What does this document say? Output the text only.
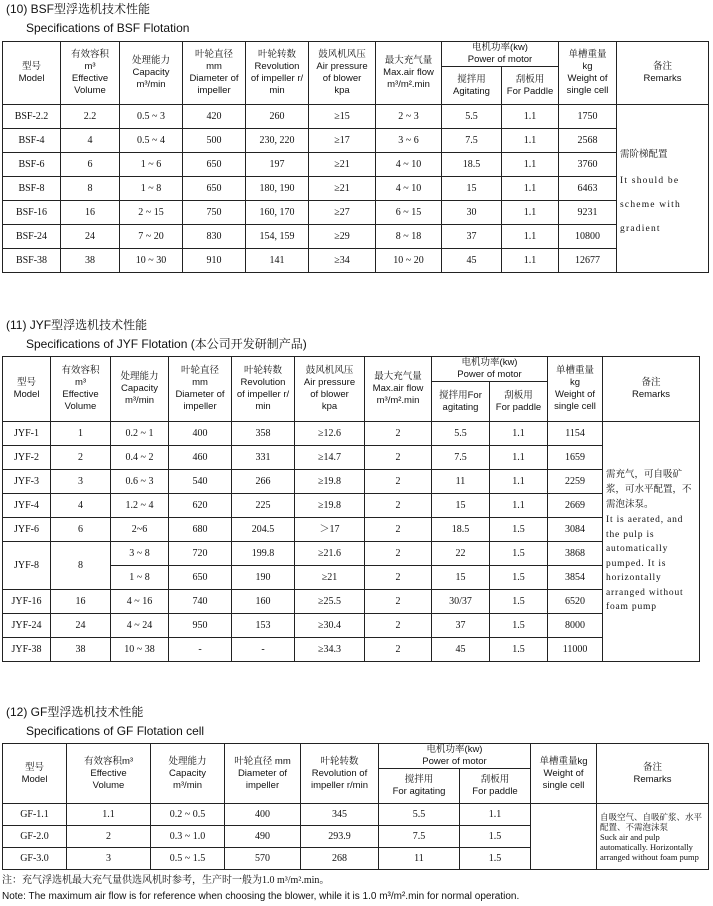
(10) BSF型浮选机技术性能
Specifications of BSF Flotation
型号
Model	有效容积
m³
Effective
Volume	处理能力
Capacity
m³/min	叶轮直径
mm
Diameter of
impeller	叶轮转数
Revolution
of impeller r/
min	鼓风机风压
Air pressure
of blower
kpa	最大充气量
Max.air flow
m³/m².min	电机功率(kw)
Power of motor		单槽重量
kg
Weight of
single cell	备注
Remarks

							搅拌用
Agitating	刮板用
For Paddle		

BSF-2.2	2.2	0.5 ~ 3	420	260	≥15	2 ~ 3	5.5	1.1	1750	需阶梯配置
It should be scheme with gradient

BSF-4	4	0.5 ~ 4	500	230, 220	≥17	3 ~ 6	7.5	1.1	2568	
BSF-6	6	1 ~ 6	650	197	≥21	4 ~ 10	18.5	1.1	3760	
BSF-8	8	1 ~ 8	650	180, 190	≥21	4 ~ 10	15	1.1	6463	
BSF-16	16	2 ~ 15	750	160, 170	≥27	6 ~ 15	30	1.1	9231	
BSF-24	24	7 ~ 20	830	154, 159	≥29	8 ~ 18	37	1.1	10800	
BSF-38	38	10 ~ 30	910	141	≥34	10 ~ 20	45	1.1	12677	
(11) JYF型浮选机技术性能
Specifications of JYF Flotation (本公司开发研制产品)
型号
Model	有效容积
m³
Effective
Volume	处理能力
Capacity
m³/min	叶轮直径
mm
Diameter of
impeller	叶轮转数
Revolution
of impeller r/
min	鼓风机风压
Air pressure
of blower
kpa	最大充气量
Max.air flow
m³/m².min	电机功率(kw)
Power of motor		单槽重量
kg
Weight of
single cell	备注
Remarks

							搅拌用For
agitating	刮板用
For paddle		

JYF-1	1	0.2 ~ 1	400	358	≥12.6	2	5.5	1.1	1154	需充气，可自吸矿浆，可水平配置，不需泡沫泵。
It is aerated, and the pulp is automatically pumped. It is horizontally arranged without foam pump

JYF-2	2	0.4 ~ 2	460	331	≥14.7	2	7.5	1.1	1659	
JYF-3	3	0.6 ~ 3	540	266	≥19.8	2	11	1.1	2259	
JYF-4	4	1.2 ~ 4	620	225	≥19.8	2	15	1.1	2669	
JYF-6	6	2~6	680	204.5	＞17	2	18.5	1.5	3084	
JYF-8	8	3 ~ 8	720	199.8	≥21.6	2	22	1.5	3868	
		1 ~ 8	650	190	≥21	2	15	1.5	3854	
JYF-16	16	4 ~ 16	740	160	≥25.5	2	30/37	1.5	6520	
JYF-24	24	4 ~ 24	950	153	≥30.4	2	37	1.5	8000	
JYF-38	38	10 ~ 38	-	-	≥34.3	2	45	1.5	11000	
(12) GF型浮选机技术性能
Specifications of GF Flotation cell
型号
Model	有效容积m³
Effective
Volume	处理能力
Capacity
m³/min	叶轮直径 mm
Diameter of
impeller	叶轮转数
Revolution of
impeller r/min	电机功率(kw)
Power of motor		单槽重量kg
Weight of
single cell	备注
Remarks

					搅拌用
For agitating	刮板用
For paddle		

GF-1.1	1.1	0.2 ~ 0.5	400	345	5.5	1.1		自吸空气、自吸矿浆、水平配置、不需泡沫泵
Suck air and pulp automatically. Horizontally arranged without foam pump

GF-2.0	2	0.3 ~ 1.0	490	293.9	7.5	1.5		
GF-3.0	3	0.5 ~ 1.5	570	268	11	1.5		
注：充气浮选机最大充气量供选风机时参考，生产时一般为1.0 m³/m².min。
Note: The maximum air flow is for reference when choosing the blower, while it is 1.0 m³/m².min for normal operation.
